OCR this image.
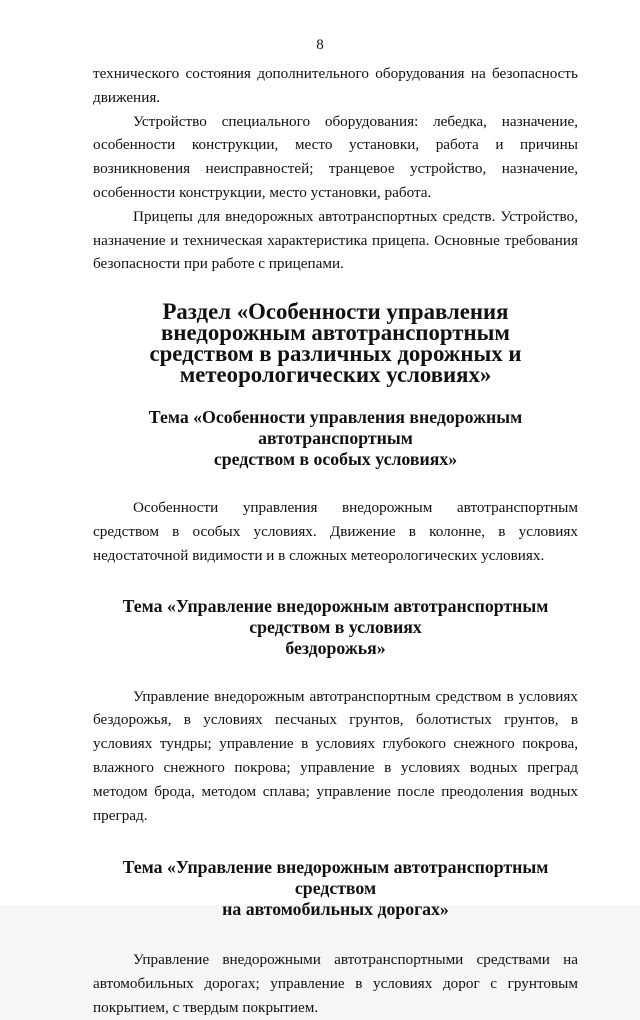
8

технического состояния дополнительного оборудования на безопасность движения.

Устройство специального оборудования: лебедка, назначение, особенности конструкции, место установки, работа и причины возникновения неисправностей; транцевое устройство, назначение, особенности конструкции, место установки, работа.

Прицепы для внедорожных автотранспортных средств. Устройство, назначение и техническая характеристика прицепа. Основные требования безопасности при работе с прицепами.

Раздел «Особенности управления внедорожным автотранспортным
средством в различных дорожных и метеорологических условиях»
Тема «Особенности управления внедорожным автотранспортным
средством в особых условиях»

Особенности управления внедорожным автотранспортным средством в особых условиях. Движение в колонне, в условиях недостаточной видимости и в сложных метеорологических условиях.

Тема «Управление внедорожным автотранспортным средством в условиях
бездорожья»

Управление внедорожным автотранспортным средством в условиях бездорожья, в условиях песчаных грунтов, болотистых грунтов, в условиях тундры; управление в условиях глубокого снежного покрова, влажного снежного покрова; управление в условиях водных преград методом брода, методом сплава; управление после преодоления водных преград.

Тема «Управление внедорожным автотранспортным средством
на автомобильных дорогах»

Управление внедорожными автотранспортными средствами на автомобильных дорогах; управление в условиях дорог с грунтовым покрытием, с твердым покрытием.
